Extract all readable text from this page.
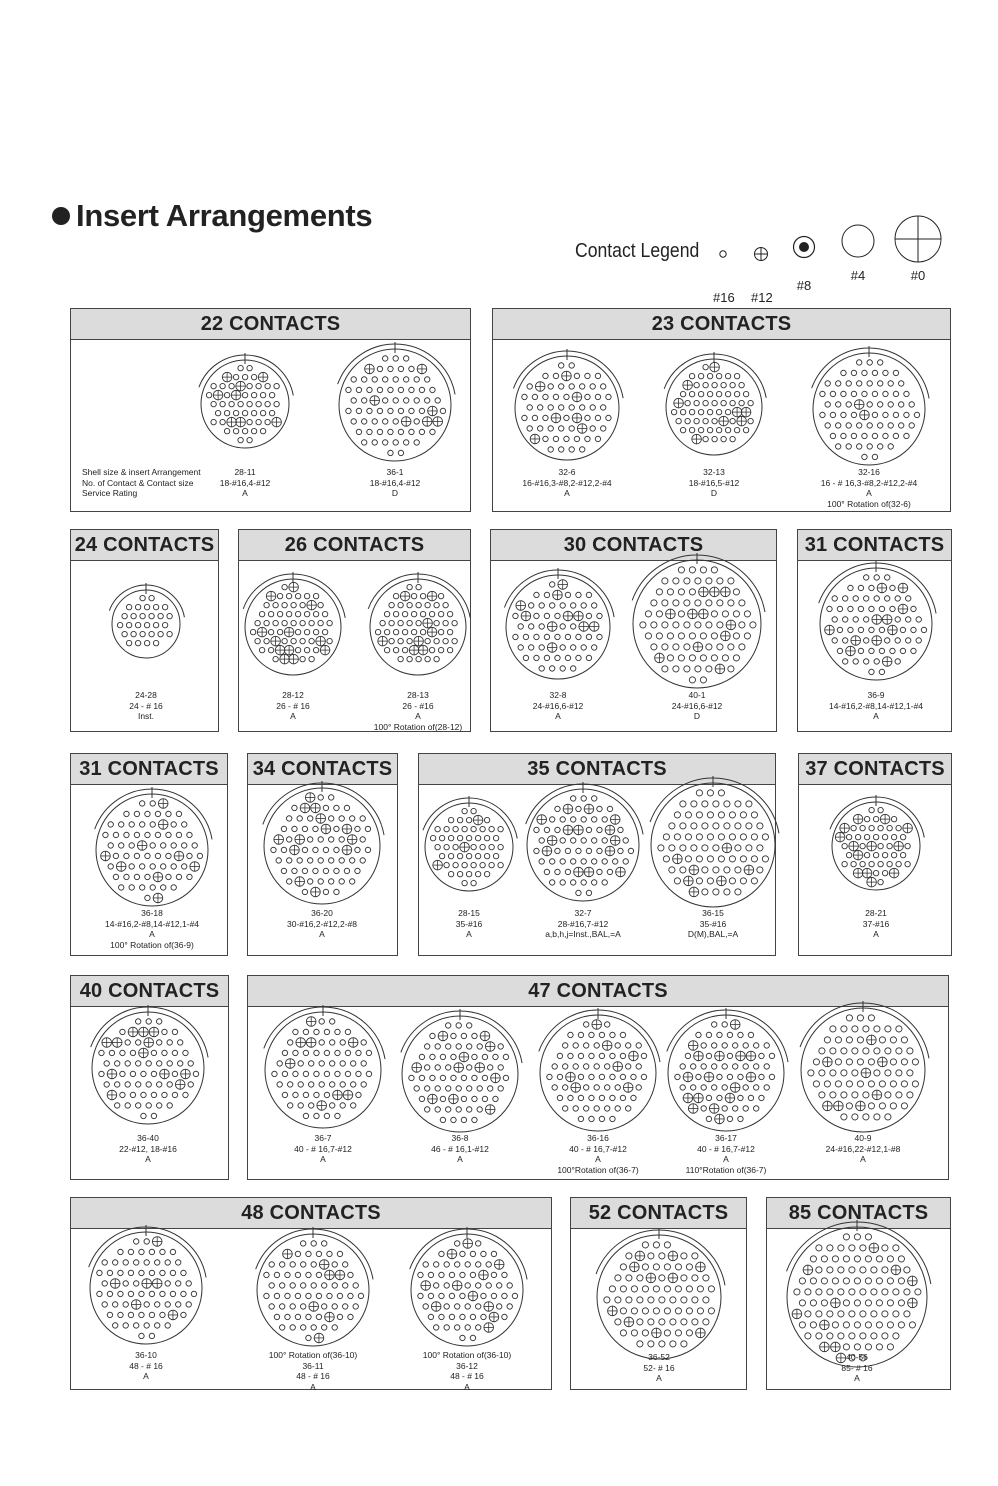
Insert Arrangements
Contact Legend
#16 #12
#8
#4	#0
22 CONTACTS
28-11
18-#16,4-#12
A
36-1
18-#16,4-#12
D
23 CONTACTS
32-6
16-#16,3-#8,2-#12,2-#4
A
32-13
18-#16,5-#12
D
32-16
16 - # 16,3-#8,2-#12,2-#4
A
100° Rotation of(32-6)
24 CONTACTS
24-28
24 - # 16
Inst.
26 CONTACTS
28-12
26 - # 16
A
28-13
26 - #16
A
100° Rotation of(28-12)
30 CONTACTS
32-8
24-#16,6-#12
A
40-1
24-#16,6-#12
D
31 CONTACTS
36-9
14-#16,2-#8,14-#12,1-#4
A
31 CONTACTS
36-18
14-#16,2-#8,14-#12,1-#4
A
100° Rotation of(36-9)
34 CONTACTS
36-20
30-#16,2-#12,2-#8
A
35 CONTACTS
28-15
35-#16
A
32-7
28-#16,7-#12
a,b,h,j=Inst.,BAL,=A
36-15
35-#16
D(M),BAL,=A
37 CONTACTS
28-21
37-#16
A
40 CONTACTS
36-40
22-#12, 18-#16
A
47 CONTACTS
36-7
40 - # 16,7-#12
A
36-8
46 - # 16,1-#12
A
36-16
40 - # 16,7-#12
A
100°Rotation of(36-7)
36-17
40 - # 16,7-#12
A
110°Rotation of(36-7)
40-9
24-#16,22-#12,1-#8
A
48 CONTACTS
36-10
48 - # 16
A
100° Rotation of(36-10)
36-11
48 - # 16
A
100° Rotation of(36-10)
36-12
48 - # 16
A
52 CONTACTS
36-52
52- # 16
A
85 CONTACTS
40-56
85- # 16
A
Shell size & insert Arrangement
No. of Contact & Contact size
Service Rating
